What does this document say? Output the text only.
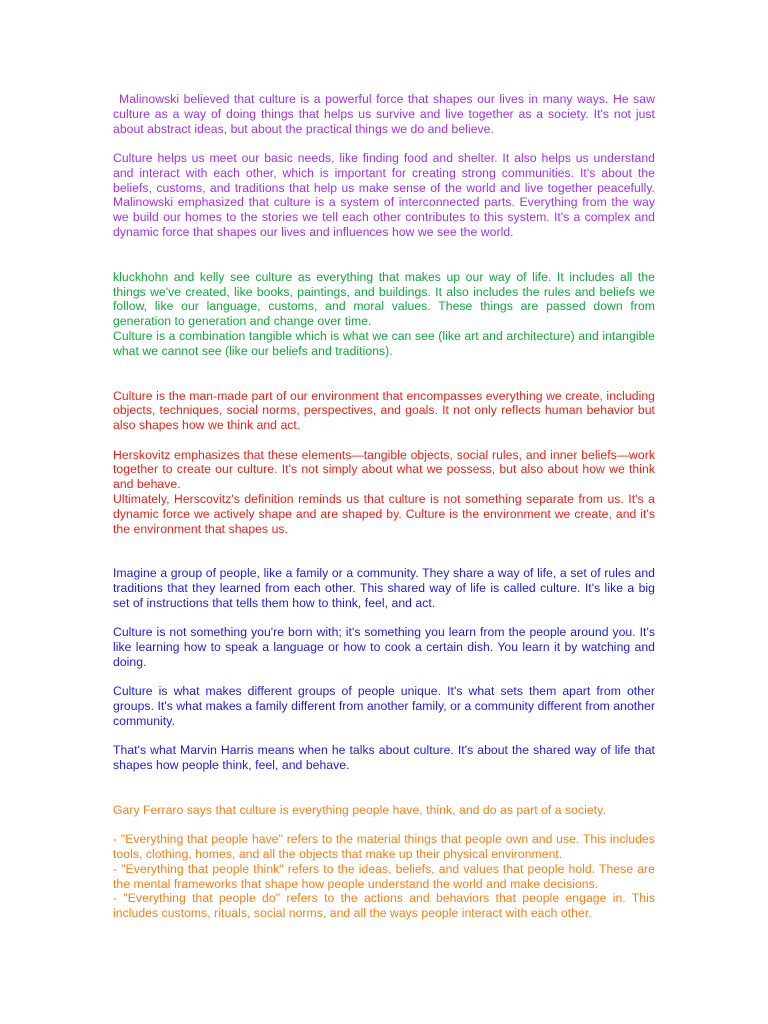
Malinowski believed that culture is a powerful force that shapes our lives in many ways. He saw culture as a way of doing things that helps us survive and live together as a society. It's not just about abstract ideas, but about the practical things we do and believe.

Culture helps us meet our basic needs, like finding food and shelter. It also helps us understand and interact with each other, which is important for creating strong communities. It's about the beliefs, customs, and traditions that help us make sense of the world and live together peacefully. Malinowski emphasized that culture is a system of interconnected parts. Everything from the way we build our homes to the stories we tell each other contributes to this system. It's a complex and dynamic force that shapes our lives and influences how we see the world.

kluckhohn and kelly see culture as everything that makes up our way of life. It includes all the things we've created, like books, paintings, and buildings. It also includes the rules and beliefs we follow, like our language, customs, and moral values. These things are passed down from generation to generation and change over time.

Culture is a combination tangible which is what we can see (like art and architecture) and intangible what we cannot see (like our beliefs and traditions).

Culture is the man-made part of our environment that encompasses everything we create, including objects, techniques, social norms, perspectives, and goals. It not only reflects human behavior but also shapes how we think and act.

Herskovitz emphasizes that these elements—tangible objects, social rules, and inner beliefs—work together to create our culture. It's not simply about what we possess, but also about how we think and behave.

Ultimately, Herscovitz's definition reminds us that culture is not something separate from us. It's a dynamic force we actively shape and are shaped by. Culture is the environment we create, and it's the environment that shapes us.

Imagine a group of people, like a family or a community. They share a way of life, a set of rules and traditions that they learned from each other. This shared way of life is called culture. It's like a big set of instructions that tells them how to think, feel, and act.

Culture is not something you're born with; it's something you learn from the people around you. It's like learning how to speak a language or how to cook a certain dish. You learn it by watching and doing.

Culture is what makes different groups of people unique. It's what sets them apart from other groups. It's what makes a family different from another family, or a community different from another community.

That's what Marvin Harris means when he talks about culture. It's about the shared way of life that shapes how people think, feel, and behave.

Gary Ferraro says that culture is everything people have, think, and do as part of a society.

- "Everything that people have" refers to the material things that people own and use. This includes tools, clothing, homes, and all the objects that make up their physical environment.

- "Everything that people think" refers to the ideas, beliefs, and values that people hold. These are the mental frameworks that shape how people understand the world and make decisions.

- "Everything that people do" refers to the actions and behaviors that people engage in. This includes customs, rituals, social norms, and all the ways people interact with each other.
